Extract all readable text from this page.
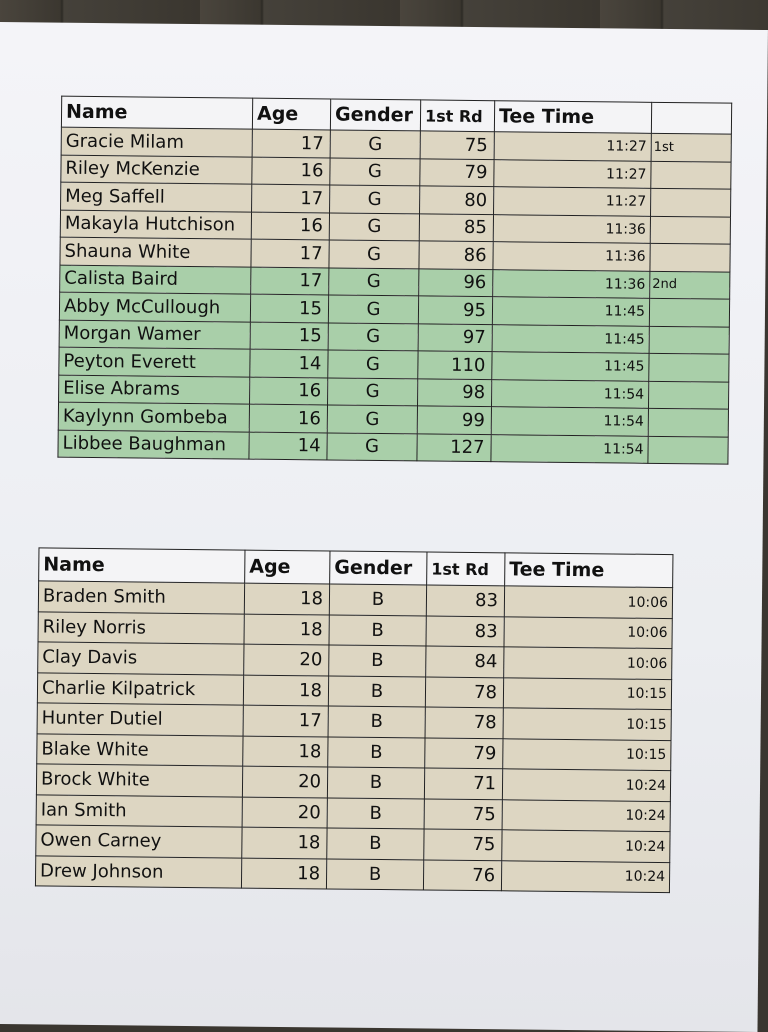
Name	Age	Gender	1st Rd	Tee Time	
Gracie Milam	17	G	75	11:27	1st
Riley McKenzie	16	G	79	11:27	
Meg Saffell	17	G	80	11:27	
Makayla Hutchison	16	G	85	11:36	
Shauna White	17	G	86	11:36	
Calista Baird	17	G	96	11:36	2nd
Abby McCullough	15	G	95	11:45	
Morgan Wamer	15	G	97	11:45	
Peyton Everett	14	G	110	11:45	
Elise Abrams	16	G	98	11:54	
Kaylynn Gombeba	16	G	99	11:54	
Libbee Baughman	14	G	127	11:54	
Name	Age	Gender	1st Rd	Tee Time
Braden Smith	18	B	83	10:06
Riley Norris	18	B	83	10:06
Clay Davis	20	B	84	10:06
Charlie Kilpatrick	18	B	78	10:15
Hunter Dutiel	17	B	78	10:15
Blake White	18	B	79	10:15
Brock White	20	B	71	10:24
Ian Smith	20	B	75	10:24
Owen Carney	18	B	75	10:24
Drew Johnson	18	B	76	10:24
